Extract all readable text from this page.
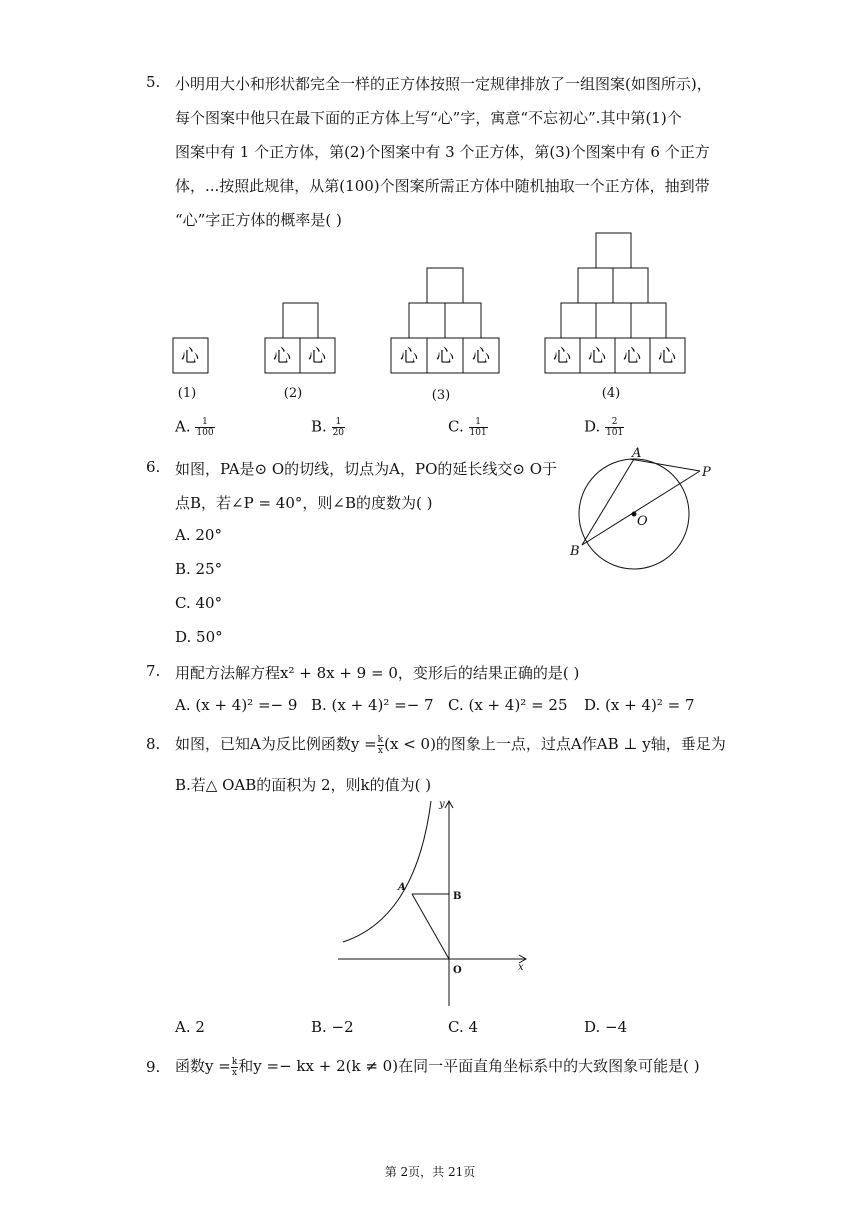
5. 小明用大小和形状都完全一样的正方体按照一定规律排放了一组图案(如图所示)，
每个图案中他只在最下面的正方体上写“心”字，寓意“不忘初心”.其中第(1)个
图案中有 1 个正方体，第(2)个图案中有 3 个正方体，第(3)个图案中有 6 个正方
体，...按照此规律，从第(100)个图案所需正方体中随机抽取一个正方体，抽到带
“心”字正方体的概率是( )
心	心 心	心 心 心	心 心 心 心
(1)	(2)	(3)	(4)
A. $\frac{1}{100}$	B. $\frac{1}{20}$	C. $\frac{1}{101}$	D. $\frac{2}{101}$
6. 如图，PA是⊙ O的切线，切点为A，PO的延长线交⊙ O于
点B，若∠P = 40°，则∠B的度数为( )
A. 20°
B. 25°
C. 40°
D. 50°
A
P
O
B
7. 用配方法解方程x² + 8x + 9 = 0，变形后的结果正确的是( )
A. (x + 4)² =− 9 B. (x + 4)² =− 7 C. (x + 4)² = 25 D. (x + 4)² = 7
8. 如图，已知A为反比例函数$y = \frac{k}{x} (x < 0)$的图象上一点，过点A作AB ⊥ y轴，垂足为
B.若△ OAB的面积为 2，则k的值为( )
y
x
A
B
O
A. 2	B. −2	C. 4	D. −4
9. 函数$y = \frac{k}{x}$ 和y =− kx + 2(k ≠ 0)在同一平面直角坐标系中的大致图象可能是( )
第 2页，共 21页
